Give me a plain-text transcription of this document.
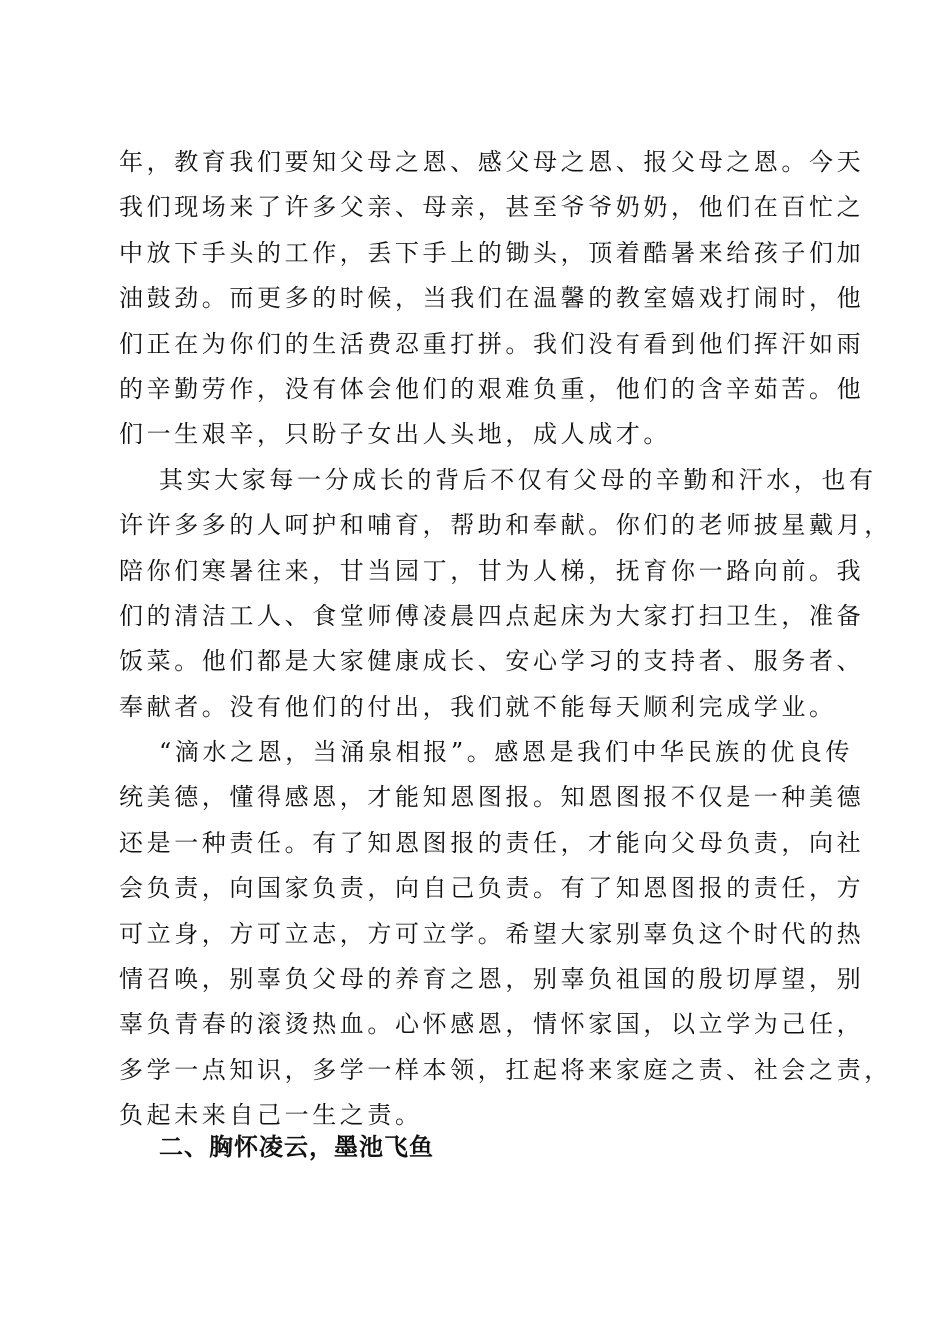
年，教育我们要知父母之恩、感父母之恩、报父母之恩。今天
我们现场来了许多父亲、母亲，甚至爷爷奶奶，他们在百忙之
中放下手头的工作，丢下手上的锄头，顶着酷暑来给孩子们加
油鼓劲。而更多的时候，当我们在温馨的教室嬉戏打闹时，他
们正在为你们的生活费忍重打拼。我们没有看到他们挥汗如雨
的辛勤劳作，没有体会他们的艰难负重，他们的含辛茹苦。他
们一生艰辛，只盼子女出人头地，成人成才。
其实大家每一分成长的背后不仅有父母的辛勤和汗水，也有
许许多多的人呵护和哺育，帮助和奉献。你们的老师披星戴月，
陪你们寒暑往来，甘当园丁，甘为人梯，抚育你一路向前。我
们的清洁工人、食堂师傅凌晨四点起床为大家打扫卫生，准备
饭菜。他们都是大家健康成长、安心学习的支持者、服务者、
奉献者。没有他们的付出，我们就不能每天顺利完成学业。
“滴水之恩，当涌泉相报”。感恩是我们中华民族的优良传
统美德，懂得感恩，才能知恩图报。知恩图报不仅是一种美德
还是一种责任。有了知恩图报的责任，才能向父母负责，向社
会负责，向国家负责，向自己负责。有了知恩图报的责任，方
可立身，方可立志，方可立学。希望大家别辜负这个时代的热
情召唤，别辜负父母的养育之恩，别辜负祖国的殷切厚望，别
辜负青春的滚烫热血。心怀感恩，情怀家国，以立学为己任，
多学一点知识，多学一样本领，扛起将来家庭之责、社会之责，
负起未来自己一生之责。
二、胸怀凌云，墨池飞鱼
